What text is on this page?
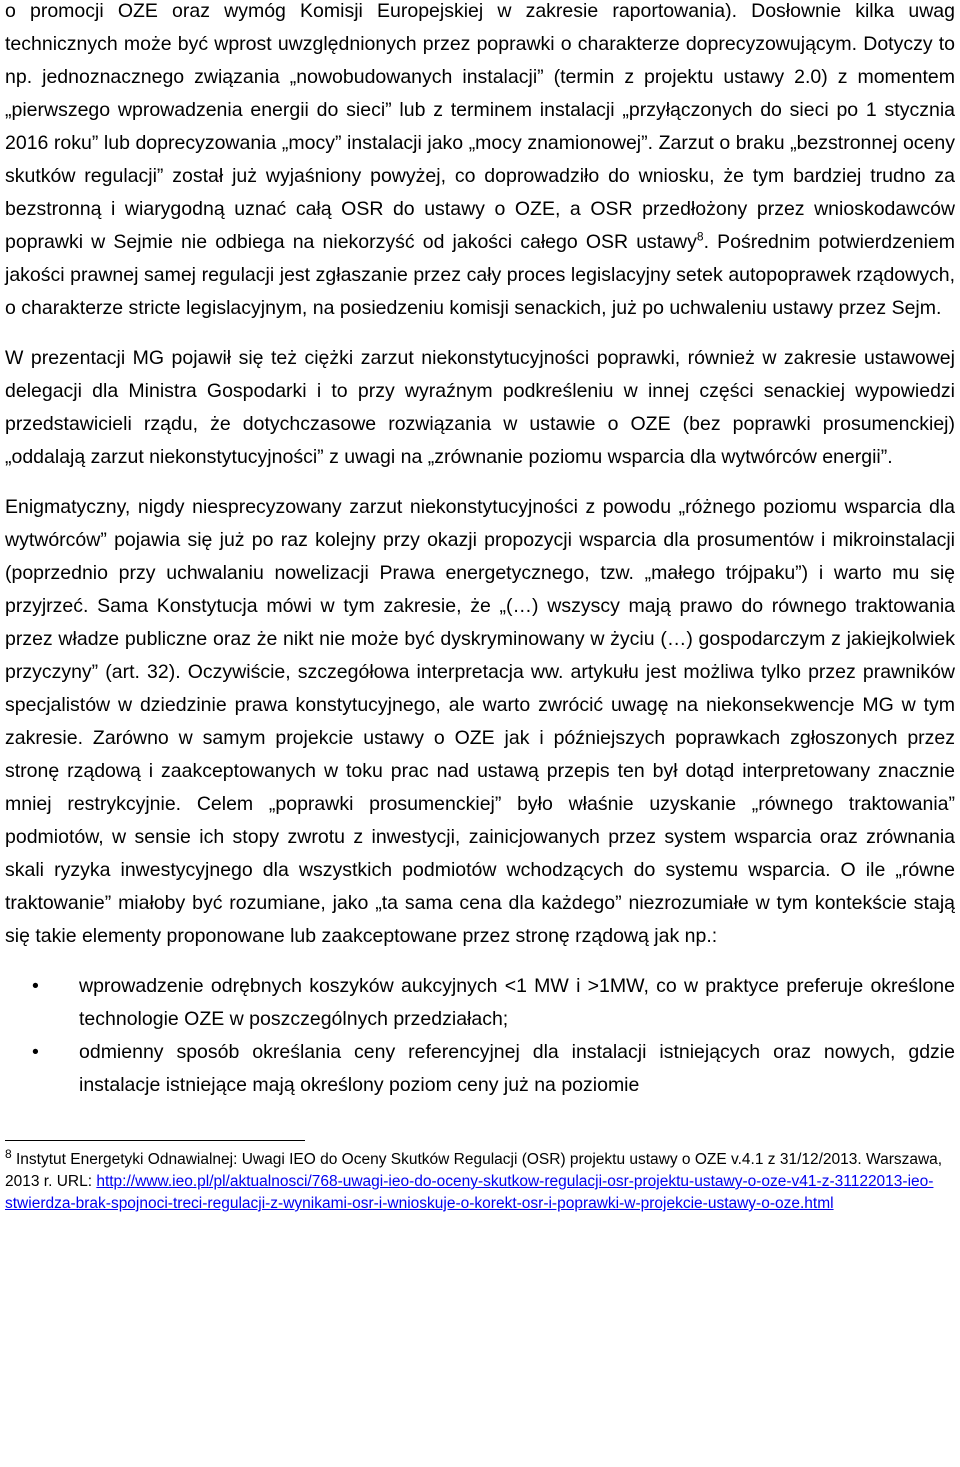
o promocji OZE oraz wymóg Komisji Europejskiej w zakresie raportowania). Dosłownie kilka uwag technicznych może być wprost uwzględnionych przez poprawki o charakterze doprecyzowującym. Dotyczy to np. jednoznacznego związania „nowobudowanych instalacji” (termin z projektu ustawy 2.0) z momentem „pierwszego wprowadzenia energii do sieci” lub z terminem instalacji „przyłączonych do sieci po 1 stycznia 2016 roku” lub doprecyzowania „mocy” instalacji jako „mocy znamionowej”. Zarzut o braku „bezstronnej oceny skutków regulacji” został już wyjaśniony powyżej, co doprowadziło do wniosku, że tym bardziej trudno za bezstronną i wiarygodną uznać całą OSR do ustawy o OZE, a OSR przedłożony przez wnioskodawców poprawki w Sejmie nie odbiega na niekorzyść od jakości całego OSR ustawy$^8$. Pośrednim potwierdzeniem jakości prawnej samej regulacji jest zgłaszanie przez cały proces legislacyjny setek autopoprawek rządowych, o charakterze stricte legislacyjnym, na posiedzeniu komisji senackich, już po uchwaleniu ustawy przez Sejm.

W prezentacji MG pojawił się też ciężki zarzut niekonstytucyjności poprawki, również w zakresie ustawowej delegacji dla Ministra Gospodarki i to przy wyraźnym podkreśleniu w innej części senackiej wypowiedzi przedstawicieli rządu, że dotychczasowe rozwiązania w ustawie o OZE (bez poprawki prosumenckiej) „oddalają zarzut niekonstytucyjności” z uwagi na „zrównanie poziomu wsparcia dla wytwórców energii”.

Enigmatyczny, nigdy niesprecyzowany zarzut niekonstytucyjności z powodu „różnego poziomu wsparcia dla wytwórców” pojawia się już po raz kolejny przy okazji propozycji wsparcia dla prosumentów i mikroinstalacji (poprzednio przy uchwalaniu nowelizacji Prawa energetycznego, tzw. „małego trójpaku”) i warto mu się przyjrzeć. Sama Konstytucja mówi w tym zakresie, że „(…) wszyscy mają prawo do równego traktowania przez władze publiczne oraz że nikt nie może być dyskryminowany w życiu (…) gospodarczym z jakiejkolwiek przyczyny” (art. 32). Oczywiście, szczegółowa interpretacja ww. artykułu jest możliwa tylko przez prawników specjalistów w dziedzinie prawa konstytucyjnego, ale warto zwrócić uwagę na niekonsekwencje MG w tym zakresie. Zarówno w samym projekcie ustawy o OZE jak i późniejszych poprawkach zgłoszonych przez stronę rządową i zaakceptowanych w toku prac nad ustawą przepis ten był dotąd interpretowany znacznie mniej restrykcyjnie. Celem „poprawki prosumenckiej” było właśnie uzyskanie „równego traktowania” podmiotów, w sensie ich stopy zwrotu z inwestycji, zainicjowanych przez system wsparcia oraz zrównania skali ryzyka inwestycyjnego dla wszystkich podmiotów wchodzących do systemu wsparcia. O ile „równe traktowanie” miałoby być rozumiane, jako „ta sama cena dla każdego” niezrozumiałe w tym kontekście stają się takie elementy proponowane lub zaakceptowane przez stronę rządową jak np.:

• wprowadzenie odrębnych koszyków aukcyjnych <1 MW i >1MW, co w praktyce preferuje określone technologie OZE w poszczególnych przedziałach;
• odmienny sposób określania ceny referencyjnej dla instalacji istniejących oraz nowych, gdzie instalacje istniejące mają określony poziom ceny już na poziomie
$^8$ Instytut Energetyki Odnawialnej: Uwagi IEO do Oceny Skutków Regulacji (OSR) projektu ustawy o OZE v.4.1 z 31/12/2013. Warszawa, 2013 r. URL: http://www.ieo.pl/pl/aktualnosci/768-uwagi-ieo-do-oceny-skutkow-regulacji-osr-projektu-ustawy-o-oze-v41-z-31122013-ieo-stwierdza-brak-spojnoci-treci-regulacji-z-wynikami-osr-i-wnioskuje-o-korekt-osr-i-poprawki-w-projekcie-ustawy-o-oze.html
